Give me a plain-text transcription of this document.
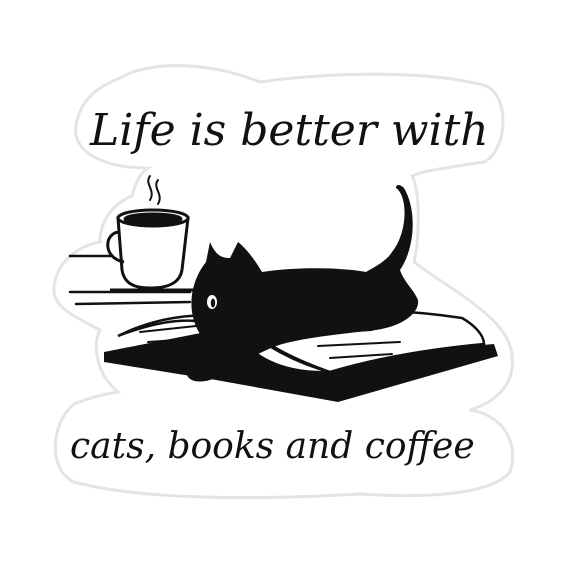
Life is better with
cats, books and coffee
